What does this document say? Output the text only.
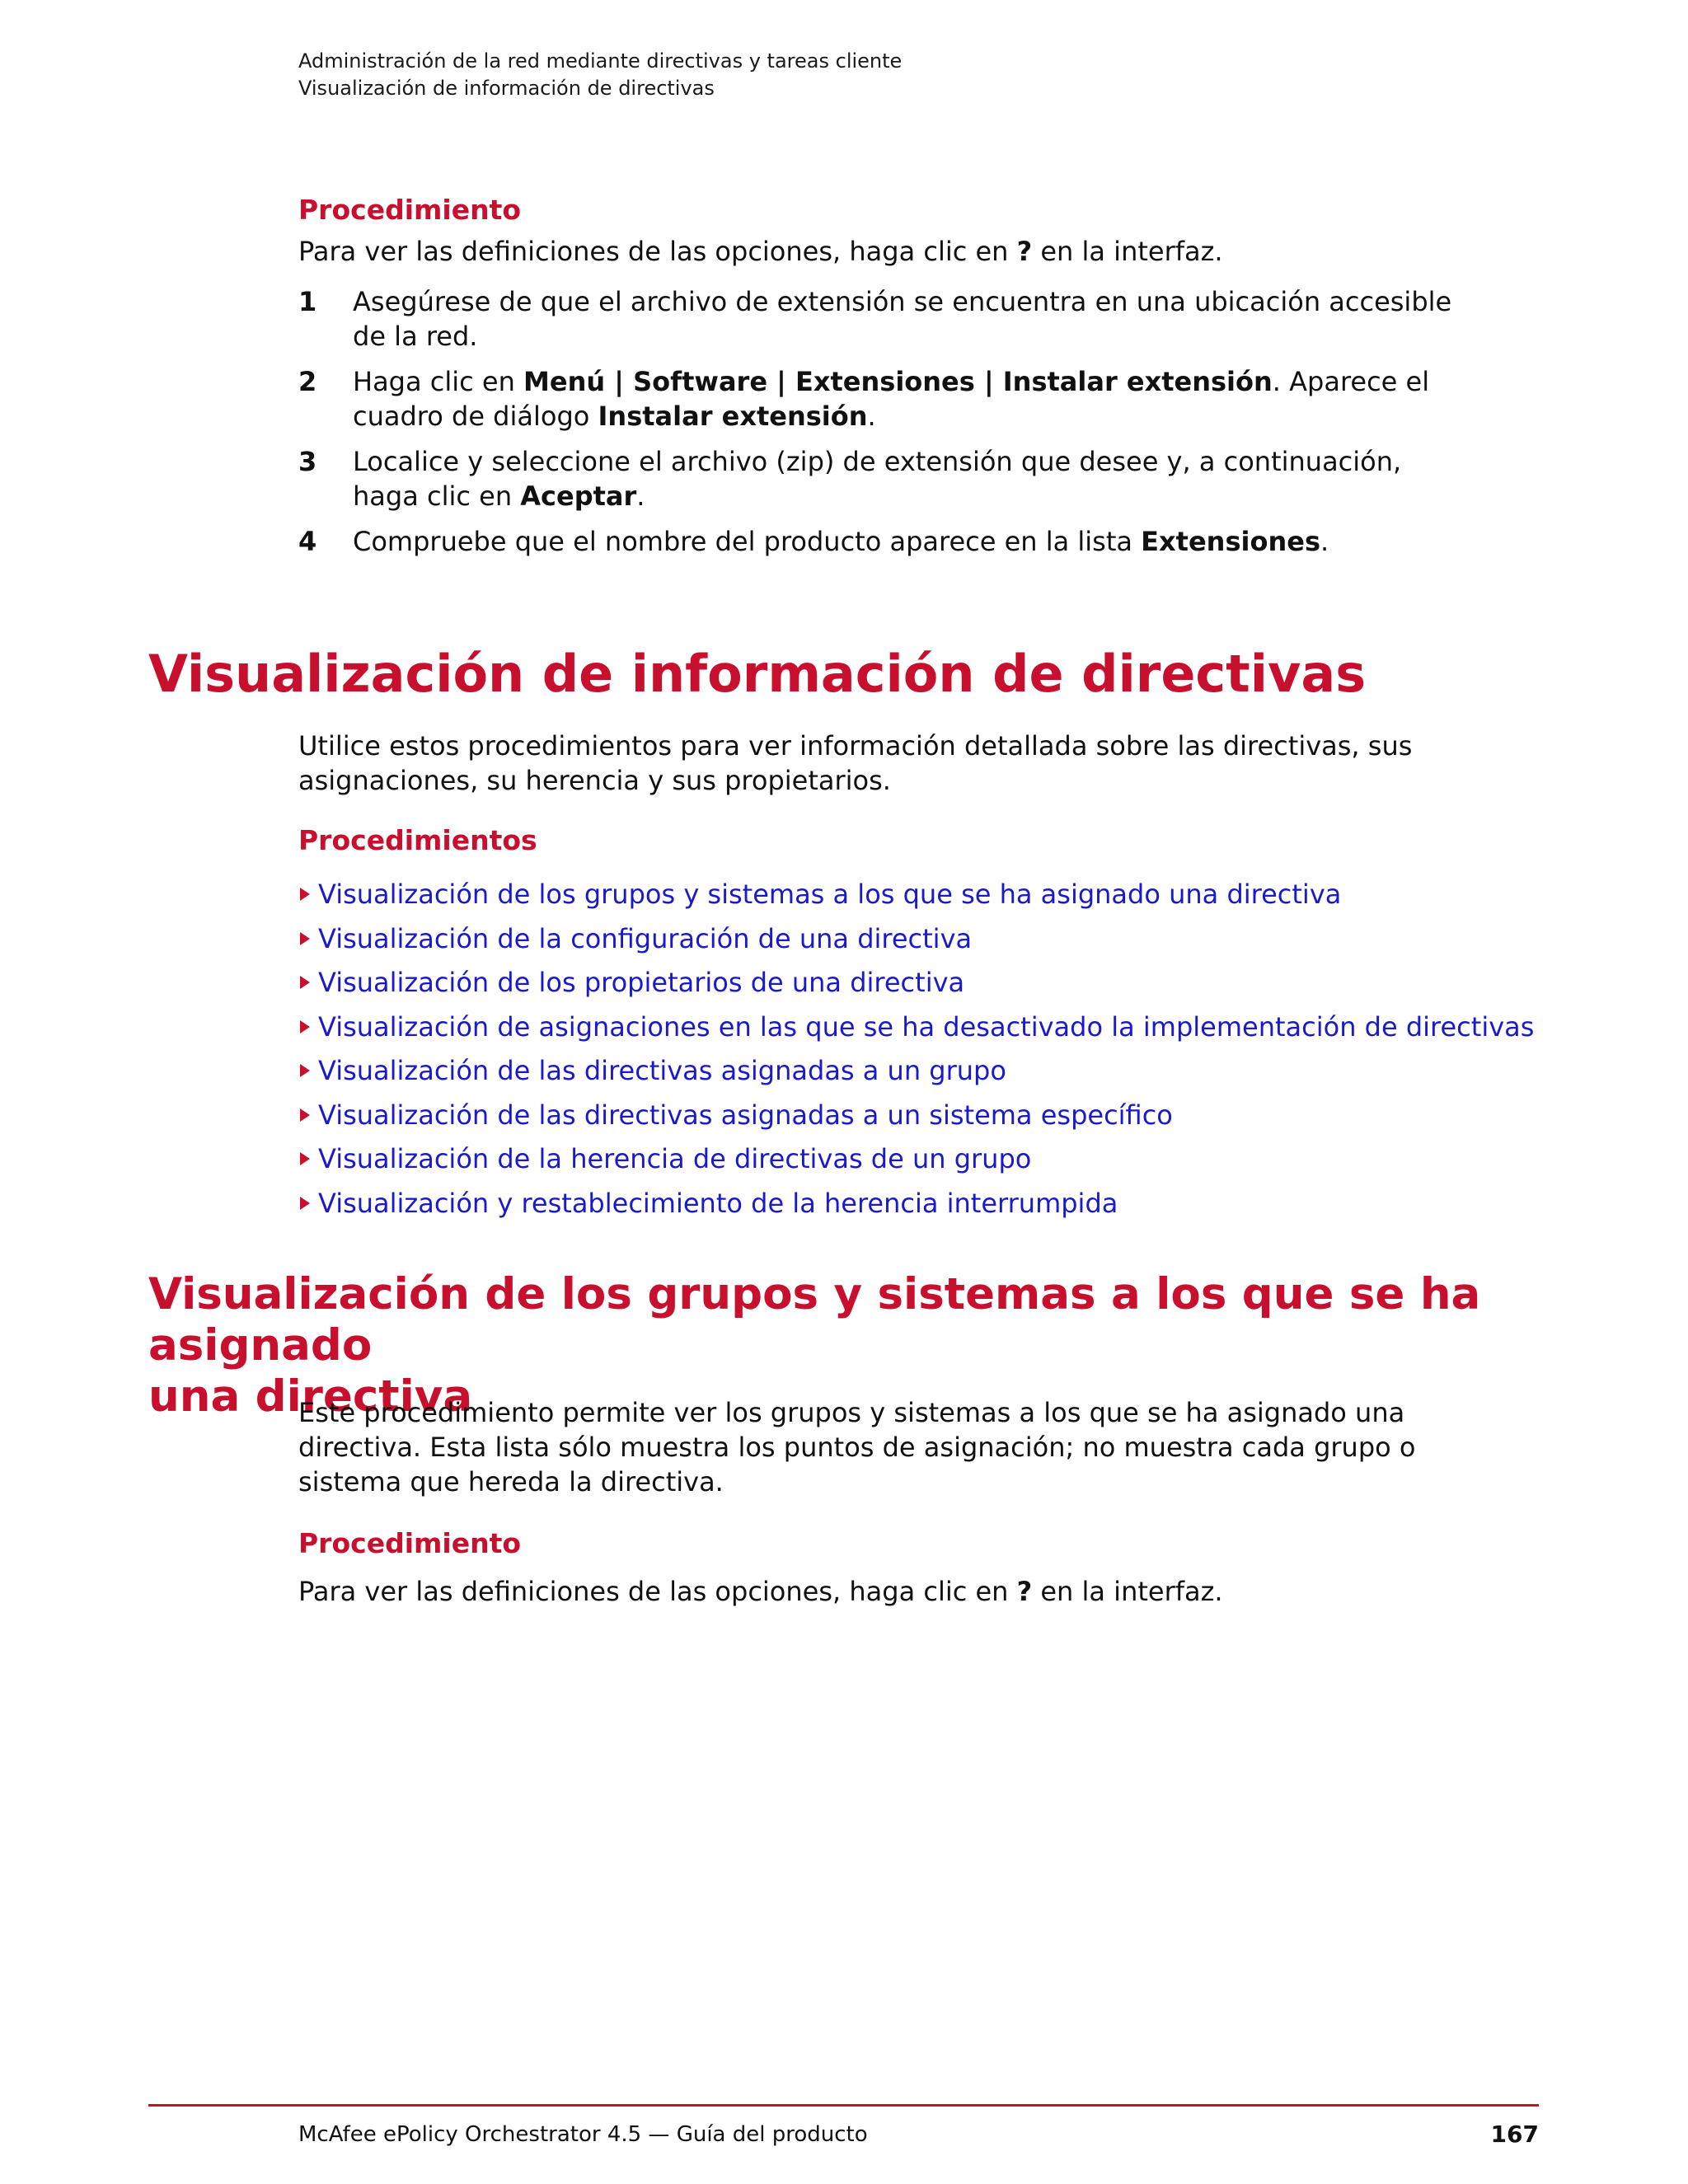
Administración de la red mediante directivas y tareas cliente
Visualización de información de directivas
Procedimiento

Para ver las definiciones de las opciones, haga clic en ? en la interfaz.

1 Asegúrese de que el archivo de extensión se encuentra en una ubicación accesible de la red.
2 Haga clic en Menú | Software | Extensiones | Instalar extensión. Aparece el cuadro de diálogo Instalar extensión.
3 Localice y seleccione el archivo (zip) de extensión que desee y, a continuación, haga clic en Aceptar.
4 Compruebe que el nombre del producto aparece en la lista Extensiones.
Visualización de información de directivas

Utilice estos procedimientos para ver información detallada sobre las directivas, sus asignaciones, su herencia y sus propietarios.

Procedimientos
Visualización de los grupos y sistemas a los que se ha asignado una directiva
Visualización de la configuración de una directiva
Visualización de los propietarios de una directiva
Visualización de asignaciones en las que se ha desactivado la implementación de directivas
Visualización de las directivas asignadas a un grupo
Visualización de las directivas asignadas a un sistema específico
Visualización de la herencia de directivas de un grupo
Visualización y restablecimiento de la herencia interrumpida
Visualización de los grupos y sistemas a los que se ha asignado
una directiva

Este procedimiento permite ver los grupos y sistemas a los que se ha asignado una directiva. Esta lista sólo muestra los puntos de asignación; no muestra cada grupo o sistema que hereda la directiva.

Procedimiento

Para ver las definiciones de las opciones, haga clic en ? en la interfaz.

McAfee ePolicy Orchestrator 4.5 — Guía del producto	167
